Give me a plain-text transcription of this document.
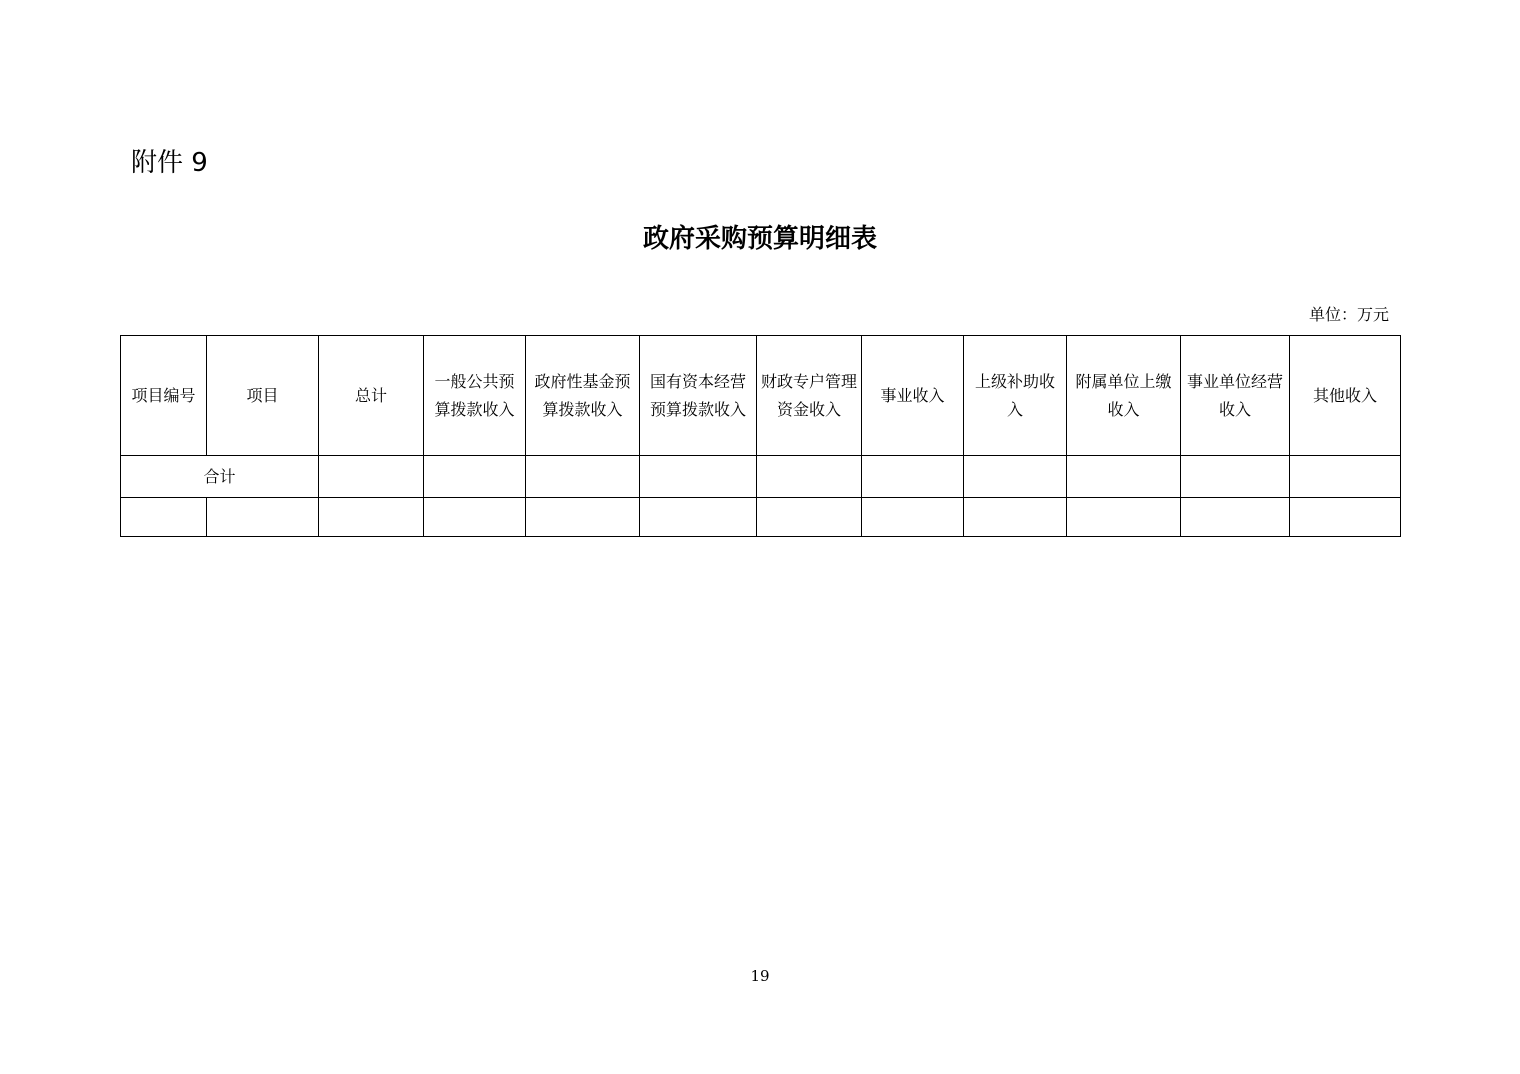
附件 9
政府采购预算明细表
单位：万元
项目编号	项目	总计	一般公共预算拨款收入	政府性基金预算拨款收入	国有资本经营预算拨款收入	财政专户管理资金收入	事业收入	上级补助收入	附属单位上缴收入	事业单位经营收入	其他收入
合计											

19
